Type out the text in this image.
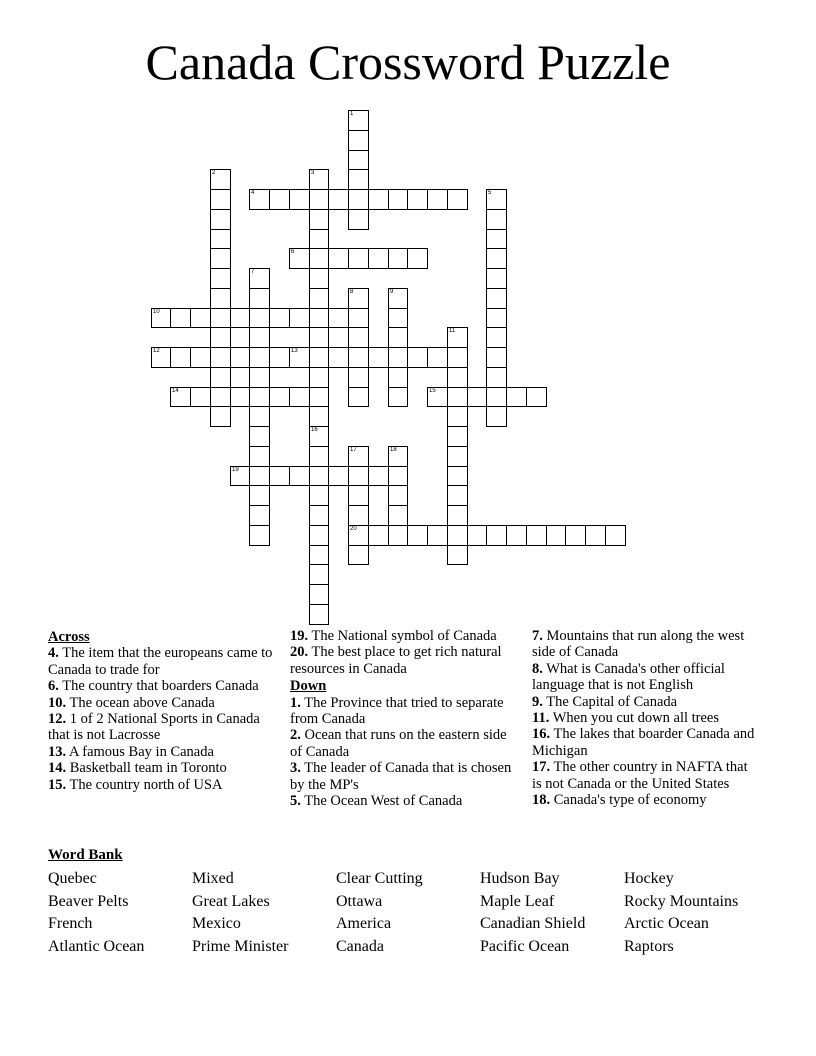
Canada Crossword Puzzle
1
2	3
4	5
6
7
8	9
10
11
12	13
14	15
16
17
20
18
19
Across
4. The item that the europeans came to Canada to trade for
6. The country that boarders Canada
10. The ocean above Canada
12. 1 of 2 National Sports in Canada that is not Lacrosse
13. A famous Bay in Canada
14. Basketball team in Toronto
15. The country north of USA
19. The National symbol of Canada
20. The best place to get rich natural resources in Canada
Down
1. The Province that tried to separate from Canada
2. Ocean that runs on the eastern side of Canada
3. The leader of Canada that is chosen by the MP's
5. The Ocean West of Canada
7. Mountains that run along the west side of Canada
8. What is Canada's other official language that is not English
9. The Capital of Canada
11. When you cut down all trees
16. The lakes that boarder Canada and Michigan
17. The other country in NAFTA that is not Canada or the United States
18. Canada's type of economy
Word Bank
Quebec
Beaver Pelts
French
Atlantic Ocean
Mixed
Great Lakes
Mexico
Prime Minister
Clear Cutting
Ottawa
America
Canada
Hudson Bay
Maple Leaf
Canadian Shield
Pacific Ocean
Hockey
Rocky Mountains
Arctic Ocean
Raptors
